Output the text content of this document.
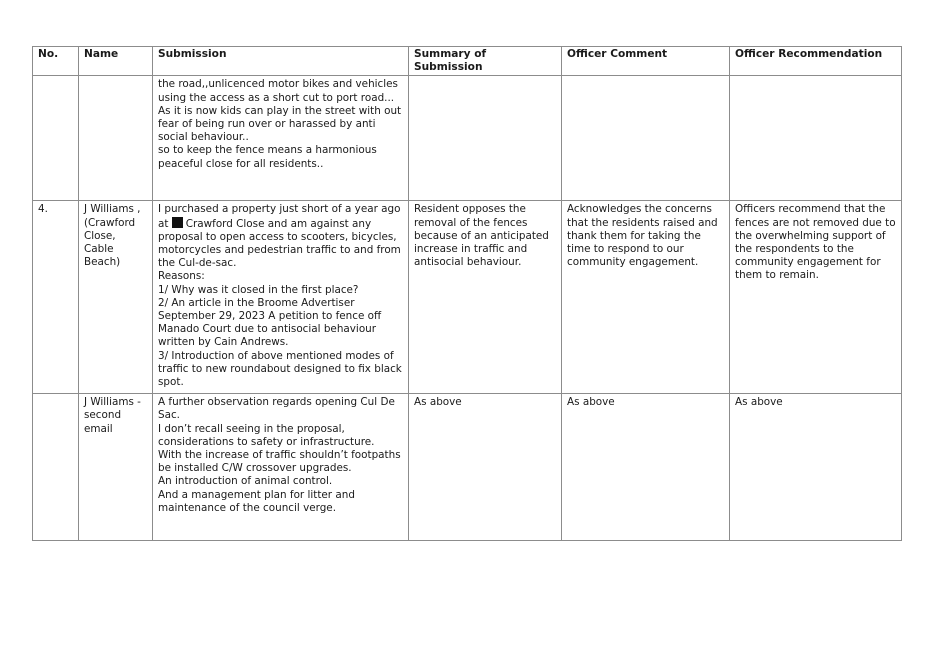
No.	Name	Submission	Summary of Submission	Officer Comment	Officer Recommendation

		the road,,unlicenced motor bikes and vehicles using the access as a short cut to port road...
As it is now kids can play in the street with out fear of being run over or harassed by anti social behaviour..
so to keep the fence means a harmonious peaceful close for all residents..			

4.	J Williams , (Crawford Close, Cable Beach)	I purchased a property just short of a year ago at Crawford Close and am against any proposal to open access to scooters, bicycles, motorcycles and pedestrian traffic to and from the Cul-de-sac.
Reasons:
1/ Why was it closed in the first place?
2/ An article in the Broome Advertiser September 29, 2023 A petition to fence off Manado Court due to antisocial behaviour written by Cain Andrews.
3/ Introduction of above mentioned modes of traffic to new roundabout designed to fix black spot.	Resident opposes the removal of the fences because of an anticipated increase in traffic and antisocial behaviour.	Acknowledges the concerns that the residents raised and thank them for taking the time to respond to our community engagement.	Officers recommend that the fences are not removed due to the overwhelming support of the respondents to the community engagement for them to remain.
	J Williams - second email	A further observation regards opening Cul De Sac.
I don’t recall seeing in the proposal, considerations to safety or infrastructure.
With the increase of traffic shouldn’t footpaths be installed C/W crossover upgrades.
An introduction of animal control.
And a management plan for litter and maintenance of the council verge.	As above	As above	As above
